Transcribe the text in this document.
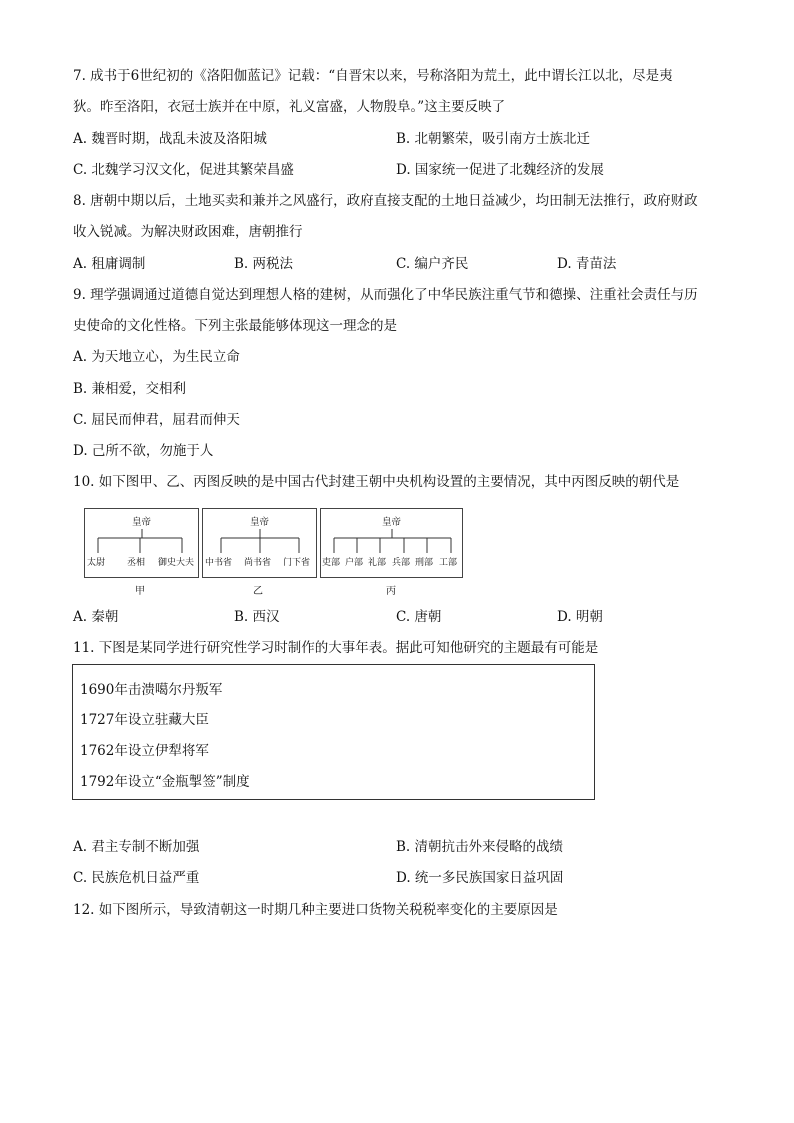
7. 成书于6世纪初的《洛阳伽蓝记》记载：“自晋宋以来，号称洛阳为荒土，此中谓长江以北，尽是夷
狄。昨至洛阳，衣冠士族并在中原，礼义富盛，人物殷阜。”这主要反映了
A. 魏晋时期，战乱未波及洛阳城	B. 北朝繁荣，吸引南方士族北迁
C. 北魏学习汉文化，促进其繁荣昌盛	D. 国家统一促进了北魏经济的发展
8. 唐朝中期以后，土地买卖和兼并之风盛行，政府直接支配的土地日益减少，均田制无法推行，政府财政
收入锐减。为解决财政困难，唐朝推行
A. 租庸调制	B. 两税法	C. 编户齐民	D. 青苗法
9. 理学强调通过道德自觉达到理想人格的建树，从而强化了中华民族注重气节和德操、注重社会责任与历
史使命的文化性格。下列主张最能够体现这一理念的是
A. 为天地立心，为生民立命
B. 兼相爱，交相利
C. 屈民而伸君，屈君而伸天
D. 己所不欲，勿施于人
10. 如下图甲、乙、丙图反映的是中国古代封建王朝中央机构设置的主要情况，其中丙图反映的朝代是
皇帝
太尉 丞相 御史大夫
甲
皇帝
中书省 尚书省 门下省
乙
皇帝
吏部 户部 礼部 兵部 刑部 工部
丙
A. 秦朝	B. 西汉	C. 唐朝	D. 明朝
11. 下图是某同学进行研究性学习时制作的大事年表。据此可知他研究的主题最有可能是
1690年击溃噶尔丹叛军
1727年设立驻藏大臣
1762年设立伊犁将军
1792年设立“金瓶掣签”制度
A. 君主专制不断加强	B. 清朝抗击外来侵略的战绩
C. 民族危机日益严重	D. 统一多民族国家日益巩固
12. 如下图所示，导致清朝这一时期几种主要进口货物关税税率变化的主要原因是
